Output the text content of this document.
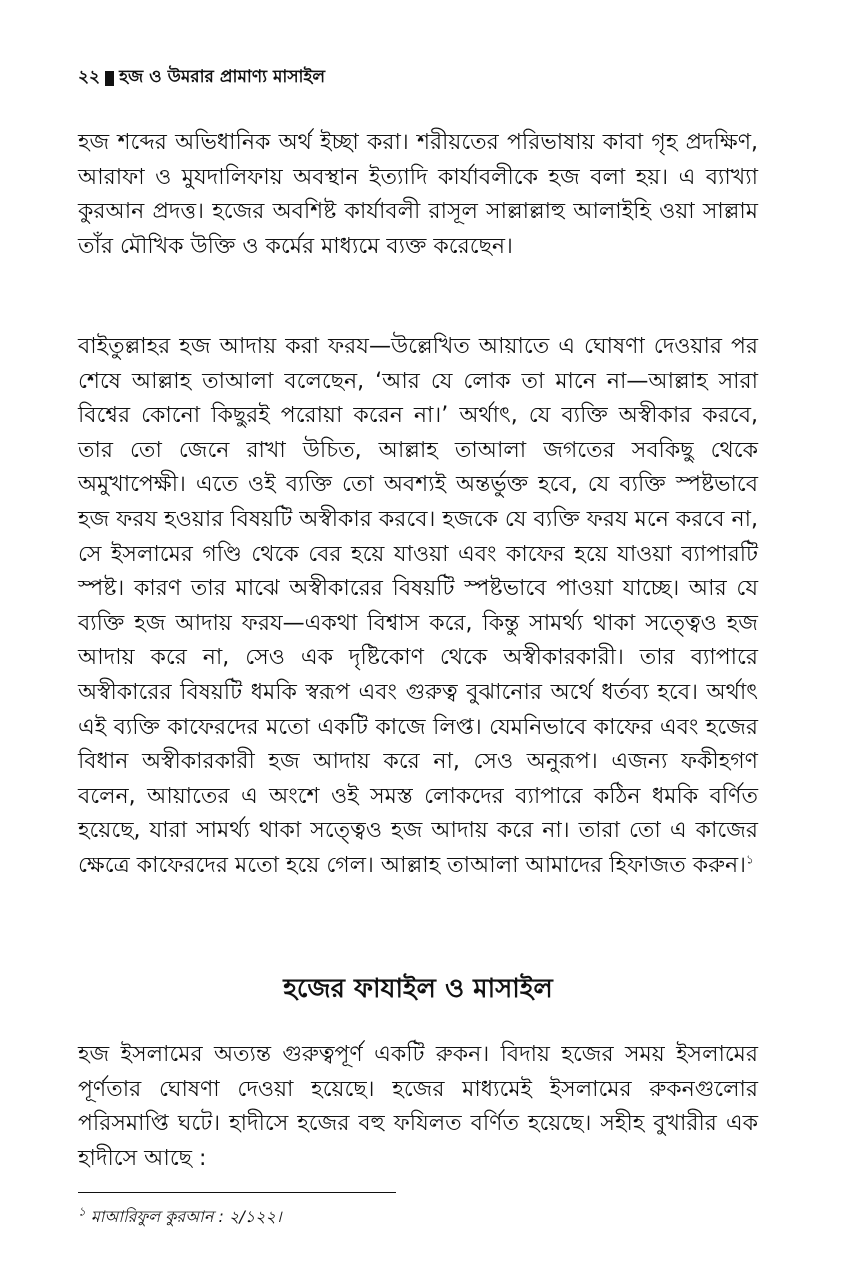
২২ হজ ও উমরার প্রামাণ্য মাসাইল

হজ শব্দের অভিধানিক অর্থ ইচ্ছা করা। শরীয়তের পরিভাষায় কাবা গৃহ প্রদক্ষিণ, আরাফা ও মুযদালিফায় অবস্থান ইত্যাদি কার্যাবলীকে হজ বলা হয়। এ ব্যাখ্যা কুরআন প্রদত্ত। হজের অবশিষ্ট কার্যাবলী রাসূল সাল্লাল্লাহু আলাইহি ওয়া সাল্লাম তাঁর মৌখিক উক্তি ও কর্মের মাধ্যমে ব্যক্ত করেছেন।

বাইতুল্লাহর হজ আদায় করা ফরয—উল্লেখিত আয়াতে এ ঘোষণা দেওয়ার পর শেষে আল্লাহ তাআলা বলেছেন, ‘আর যে লোক তা মানে না—আল্লাহ সারা বিশ্বের কোনো কিছুরই পরোয়া করেন না।’ অর্থাৎ, যে ব্যক্তি অস্বীকার করবে, তার তো জেনে রাখা উচিত, আল্লাহ তাআলা জগতের সবকিছু থেকে অমুখাপেক্ষী। এতে ওই ব্যক্তি তো অবশ্যই অন্তর্ভুক্ত হবে, যে ব্যক্তি স্পষ্টভাবে হজ ফরয হওয়ার বিষয়টি অস্বীকার করবে। হজকে যে ব্যক্তি ফরয মনে করবে না, সে ইসলামের গণ্ডি থেকে বের হয়ে যাওয়া এবং কাফের হয়ে যাওয়া ব্যাপারটি স্পষ্ট। কারণ তার মাঝে অস্বীকারের বিষয়টি স্পষ্টভাবে পাওয়া যাচ্ছে। আর যে ব্যক্তি হজ আদায় ফরয—একথা বিশ্বাস করে, কিন্তু সামর্থ্য থাকা সত্ত্বেও হজ আদায় করে না, সেও এক দৃষ্টিকোণ থেকে অস্বীকারকারী। তার ব্যাপারে অস্বীকারের বিষয়টি ধমকি স্বরূপ এবং গুরুত্ব বুঝানোর অর্থে ধর্তব্য হবে। অর্থাৎ এই ব্যক্তি কাফেরদের মতো একটি কাজে লিপ্ত। যেমনিভাবে কাফের এবং হজের বিধান অস্বীকারকারী হজ আদায় করে না, সেও অনুরূপ। এজন্য ফকীহগণ বলেন, আয়াতের এ অংশে ওই সমস্ত লোকদের ব্যাপারে কঠিন ধমকি বর্ণিত হয়েছে, যারা সামর্থ্য থাকা সত্ত্বেও হজ আদায় করে না। তারা তো এ কাজের ক্ষেত্রে কাফেরদের মতো হয়ে গেল। আল্লাহ তাআলা আমাদের হিফাজত করুন।$^১$

হজের ফাযাইল ও মাসাইল

হজ ইসলামের অত্যন্ত গুরুত্বপূর্ণ একটি রুকন। বিদায় হজের সময় ইসলামের পূর্ণতার ঘোষণা দেওয়া হয়েছে। হজের মাধ্যমেই ইসলামের রুকনগুলোর পরিসমাপ্তি ঘটে। হাদীসে হজের বহু ফযিলত বর্ণিত হয়েছে। সহীহ বুখারীর এক হাদীসে আছে :

$^১$ মাআরিফুল কুরআন : ২/১২২।
